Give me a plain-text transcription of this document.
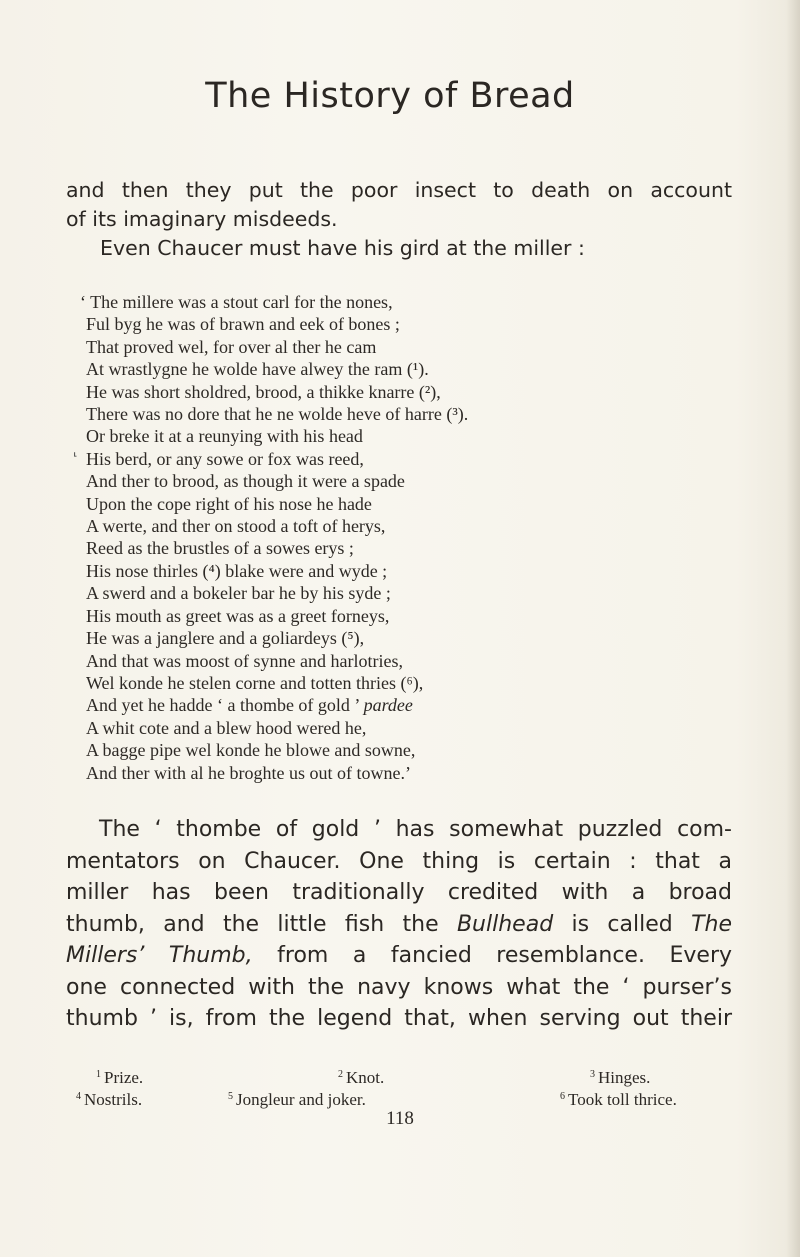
The History of Bread
and then they put the poor insect to death on account
of its imaginary misdeeds.
Even Chaucer must have his gird at the miller :
⸤
‘ The millere was a stout carl for the nones,
Ful byg he was of brawn and eek of bones ;
That proved wel, for over al ther he cam
At wrastlygne he wolde have alwey the ram (¹).
He was short sholdred, brood, a thikke knarre (²),
There was no dore that he ne wolde heve of harre (³).
Or breke it at a reunying with his head
His berd, or any sowe or fox was reed,
And ther to brood, as though it were a spade
Upon the cope right of his nose he hade
A werte, and ther on stood a toft of herys,
Reed as the brustles of a sowes erys ;
His nose thirles (⁴) blake were and wyde ;
A swerd and a bokeler bar he by his syde ;
His mouth as greet was as a greet forneys,
He was a janglere and a goliardeys (⁵),
And that was moost of synne and harlotries,
Wel konde he stelen corne and totten thries (⁶),
And yet he hadde ‘ a thombe of gold ’ pardee
A whit cote and a blew hood wered he,
A bagge pipe wel konde he blowe and sowne,
And ther with al he broghte us out of towne.’
The ‘ thombe of gold ’ has somewhat puzzled com-
mentators on Chaucer. One thing is certain : that a
miller has been traditionally credited with a broad
thumb, and the little fish the Bullhead is called The
Millers’ Thumb, from a fancied resemblance. Every
one connected with the navy knows what the ‘ purser’s
thumb ’ is, from the legend that, when serving out their
$^1$ Prize.	$^2$ Knot.	$^3$ Hinges.
$^4$ Nostrils.	$^5$ Jongleur and joker.	$^6$ Took toll thrice.
118
